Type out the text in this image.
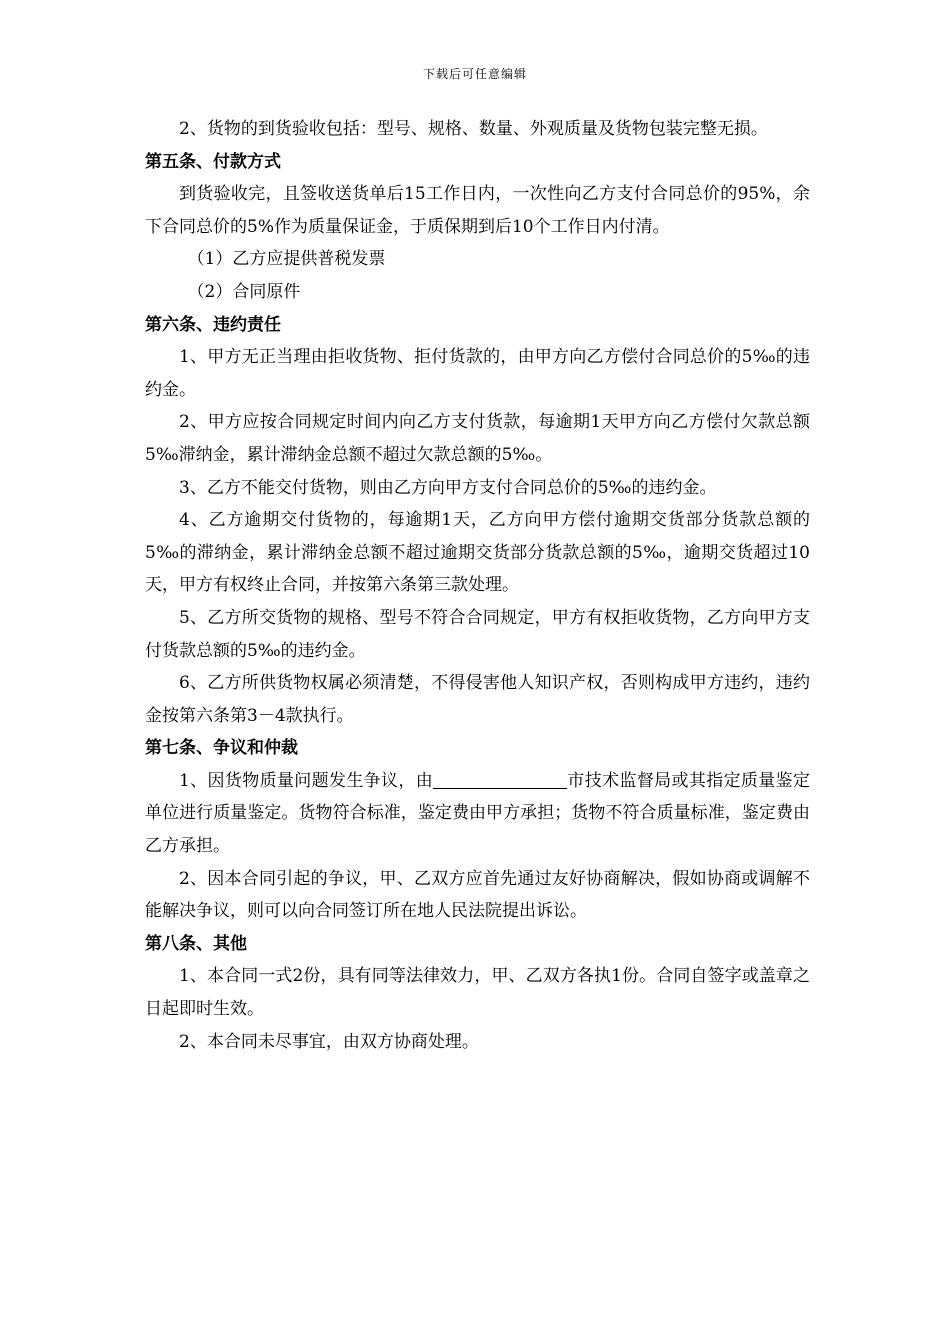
下载后可任意编辑

2、货物的到货验收包括：型号、规格、数量、外观质量及货物包装完整无损。

第五条、付款方式

到货验收完，且签收送货单后15工作日内，一次性向乙方支付合同总价的95%，余下合同总价的5%作为质量保证金，于质保期到后10个工作日内付清。

（1）乙方应提供普税发票

（2）合同原件

第六条、违约责任

1、甲方无正当理由拒收货物、拒付货款的，由甲方向乙方偿付合同总价的5‰的违约金。

2、甲方应按合同规定时间内向乙方支付货款，每逾期1天甲方向乙方偿付欠款总额5‰滞纳金，累计滞纳金总额不超过欠款总额的5‰。

3、乙方不能交付货物，则由乙方向甲方支付合同总价的5‰的违约金。

4、乙方逾期交付货物的，每逾期1天，乙方向甲方偿付逾期交货部分货款总额的5‰的滞纳金，累计滞纳金总额不超过逾期交货部分货款总额的5‰，逾期交货超过10天，甲方有权终止合同，并按第六条第三款处理。

5、乙方所交货物的规格、型号不符合合同规定，甲方有权拒收货物，乙方向甲方支付货款总额的5‰的违约金。

6、乙方所供货物权属必须清楚，不得侵害他人知识产权，否则构成甲方违约，违约金按第六条第3－4款执行。

第七条、争议和仲裁

1、因货物质量问题发生争议，由	市技术监督局或其指定质量鉴定单位进行质量鉴定。货物符合标准，鉴定费由甲方承担；货物不符合质量标准，鉴定费由乙方承担。

2、因本合同引起的争议，甲、乙双方应首先通过友好协商解决，假如协商或调解不能解决争议，则可以向合同签订所在地人民法院提出诉讼。

第八条、其他

1、本合同一式2份，具有同等法律效力，甲、乙双方各执1份。合同自签字或盖章之日起即时生效。

2、本合同未尽事宜，由双方协商处理。
